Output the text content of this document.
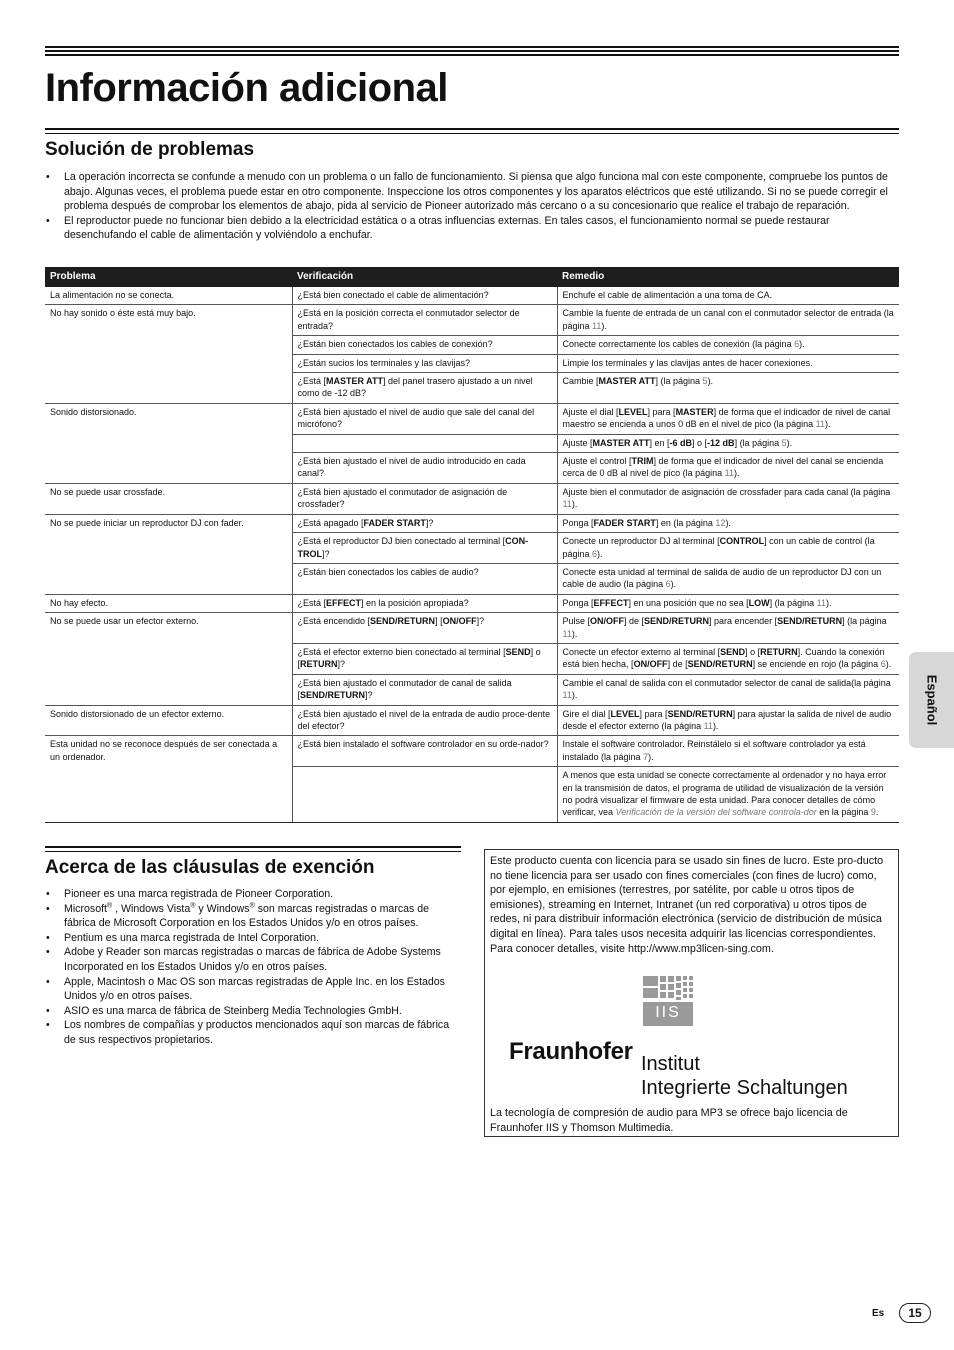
Información adicional
Solución de problemas
• La operación incorrecta se confunde a menudo con un problema o un fallo de funcionamiento. Si piensa que algo funciona mal con este componente, compruebe los puntos de abajo. Algunas veces, el problema puede estar en otro componente. Inspeccione los otros componentes y los aparatos eléctricos que esté utilizando. Si no se puede corregir el problema después de comprobar los elementos de abajo, pida al servicio de Pioneer autorizado más cercano o a su concesionario que realice el trabajo de reparación.
• El reproductor puede no funcionar bien debido a la electricidad estática o a otras influencias externas. En tales casos, el funcionamiento normal se puede restaurar desenchufando el cable de alimentación y volviéndolo a enchufar.
Problema	Verificación	Remedio
La alimentación no se conecta.	¿Está bien conectado el cable de alimentación?	Enchufe el cable de alimentación a una toma de CA.
No hay sonido o éste está muy bajo.	¿Está en la posición correcta el conmutador selector de entrada?	Cambie la fuente de entrada de un canal con el conmutador selector de entrada (la página 11).
	¿Están bien conectados los cables de conexión?	Conecte correctamente los cables de conexión (la página 6).
	¿Están sucios los terminales y las clavijas?	Limpie los terminales y las clavijas antes de hacer conexiones.
	¿Está [MASTER ATT] del panel trasero ajustado a un nivel como de -12 dB?	Cambie [MASTER ATT] (la página 5).
Sonido distorsionado.	¿Está bien ajustado el nivel de audio que sale del canal del micrófono?	Ajuste el dial [LEVEL] para [MASTER] de forma que el indicador de nivel de canal maestro se encienda a unos 0 dB en el nivel de pico (la página 11).
		Ajuste [MASTER ATT] en [-6 dB] o [-12 dB] (la página 5).
	¿Está bien ajustado el nivel de audio introducido en cada canal?	Ajuste el control [TRIM] de forma que el indicador de nivel del canal se encienda cerca de 0 dB al nivel de pico (la página 11).
No se puede usar crossfade.	¿Está bien ajustado el conmutador de asignación de crossfader?	Ajuste bien el conmutador de asignación de crossfader para cada canal (la página 11).
No se puede iniciar un reproductor DJ con fader.	¿Está apagado [FADER START]?	Ponga [FADER START] en (la página 12).
	¿Está el reproductor DJ bien conectado al terminal [CON-TROL]?	Conecte un reproductor DJ al terminal [CONTROL] con un cable de control (la página 6).
	¿Están bien conectados los cables de audio?	Conecte esta unidad al terminal de salida de audio de un reproductor DJ con un cable de audio (la página 6).
No hay efecto.	¿Está [EFFECT] en la posición apropiada?	Ponga [EFFECT] en una posición que no sea [LOW] (la página 11).
No se puede usar un efector externo.	¿Está encendido [SEND/RETURN] [ON/OFF]?	Pulse [ON/OFF] de [SEND/RETURN] para encender [SEND/RETURN] (la página 11).
	¿Está el efector externo bien conectado al terminal [SEND] o [RETURN]?	Conecte un efector externo al terminal [SEND] o [RETURN]. Cuando la conexión está bien hecha, [ON/OFF] de [SEND/RETURN] se enciende en rojo (la página 6).
	¿Está bien ajustado el conmutador de canal de salida [SEND/RETURN]?	Cambie el canal de salida con el conmutador selector de canal de salida(la página 11).
Sonido distorsionado de un efector externo.	¿Está bien ajustado el nivel de la entrada de audio proce-dente del efector?	Gire el dial [LEVEL] para [SEND/RETURN] para ajustar la salida de nivel de audio desde el efector externo (la página 11).
Esta unidad no se reconoce después de ser conectada a un ordenador.	¿Está bien instalado el software controlador en su orde-nador?	Instale el software controlador. Reinstálelo si el software controlador ya está instalado (la página 7).
		A menos que esta unidad se conecte correctamente al ordenador y no haya error en la transmisión de datos, el programa de utilidad de visualización de la versión no podrá visualizar el firmware de esta unidad. Para conocer detalles de cómo verificar, vea Verificación de la versión del software controla-dor en la página 9.
Acerca de las cláusulas de exención
• Pioneer es una marca registrada de Pioneer Corporation.
• Microsoft® , Windows Vista® y Windows® son marcas registradas o marcas de fábrica de Microsoft Corporation en los Estados Unidos y/o en otros países.
• Pentium es una marca registrada de Intel Corporation.
• Adobe y Reader son marcas registradas o marcas de fábrica de Adobe Systems Incorporated en los Estados Unidos y/o en otros países.
• Apple, Macintosh o Mac OS son marcas registradas de Apple Inc. en los Estados Unidos y/o en otros países.
• ASIO es una marca de fábrica de Steinberg Media Technologies GmbH.
• Los nombres de compañías y productos mencionados aquí son marcas de fábrica de sus respectivos propietarios.

Este producto cuenta con licencia para se usado sin fines de lucro. Este pro-ducto no tiene licencia para ser usado con fines comerciales (con fines de lucro) como, por ejemplo, en emisiones (terrestres, por satélite, por cable u otros tipos de emisiones), streaming en Internet, Intranet (un red corporativa) u otros tipos de redes, ni para distribuir información electrónica (servicio de distribución de música digital en línea). Para tales usos necesita adquirir las licencias correspondientes. Para conocer detalles, visite http://www.mp3licen-sing.com.

IIS
Fraunhofer Institut
Integrierte Schaltungen

La tecnología de compresión de audio para MP3 se ofrece bajo licencia de Fraunhofer IIS y Thomson Multimedia.

Español
Es	15
